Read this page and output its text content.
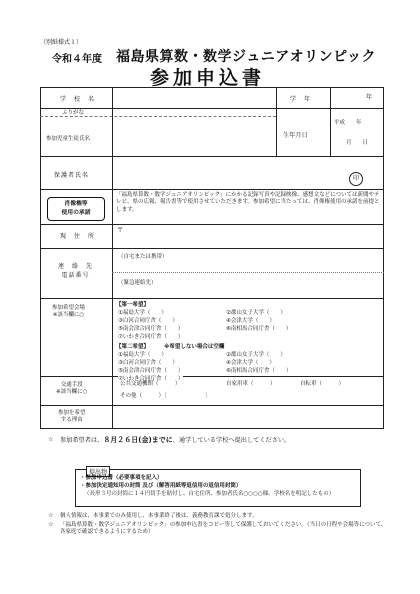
（別紙様式１）
令和４年度 福島県算数・数学ジュニアオリンピック
参加申込書
学　校　名	学　年	年
ふりがな
参加児童生徒氏名	生年月日
平成　　年
月　　日
保護者氏名	印
肖像権等
使用の承諾
「福島県算数・数学ジュニアオリンピック」にかかる記録写真や記録映像、感想文などについては新聞やテレビ、県の広報、報告書等で使用させていただきます。参加希望に当たっては、肖像権使用の承諾を前提とします。
現　住　所
〒
連　絡　先
電話番号
（自宅または携帯）
（緊急連絡先）
参加希望会場
※該当欄に○
【第一希望】
①福島大学（　　）	②郡山女子大学（　　）
③白河合同庁舎（　　）	④会津大学（　　）
⑤南会津合同庁舎（　　）	⑥南相馬合同庁舎（　　）
⑦いわき合同庁舎（　　）
【第二希望】	※希望しない場合は空欄
①福島大学（　　）	②郡山女子大学（　　）
③白河合同庁舎（　　）	④会津大学（　　）
⑤南会津合同庁舎（　　）	⑥南相馬合同庁舎（　　）
⑦いわき合同庁舎（　　）
交通手段
※該当欄に○
公共交通機関（　　　）	自家用車（　　　）	自転車（　　　）
その他（　　　）〔　　　　　　　〕
参加を希望
する理由
☆ 参加希望者は、８月２６日(金)までに、通学している学校へ提出してください。
提出物
・参加申込書（必要事項を記入）
・参加決定通知用の封筒 及び（解答用紙等返信用の返信用封筒）
（長形３号の封筒に１４円切手を貼付し、自宅住所、参加者氏名○○○○様、学校名を明記したもの）
☆ 個人情報は、本事業でのみ使用し、本事業終了後は、義務教育課で処分します。
☆ 「福島県算数・数学ジュニアオリンピック」の参加申込書をコピー等して保護しておいてください。（当日の日程や会場等について、各家庭で確認できるようにするため）
